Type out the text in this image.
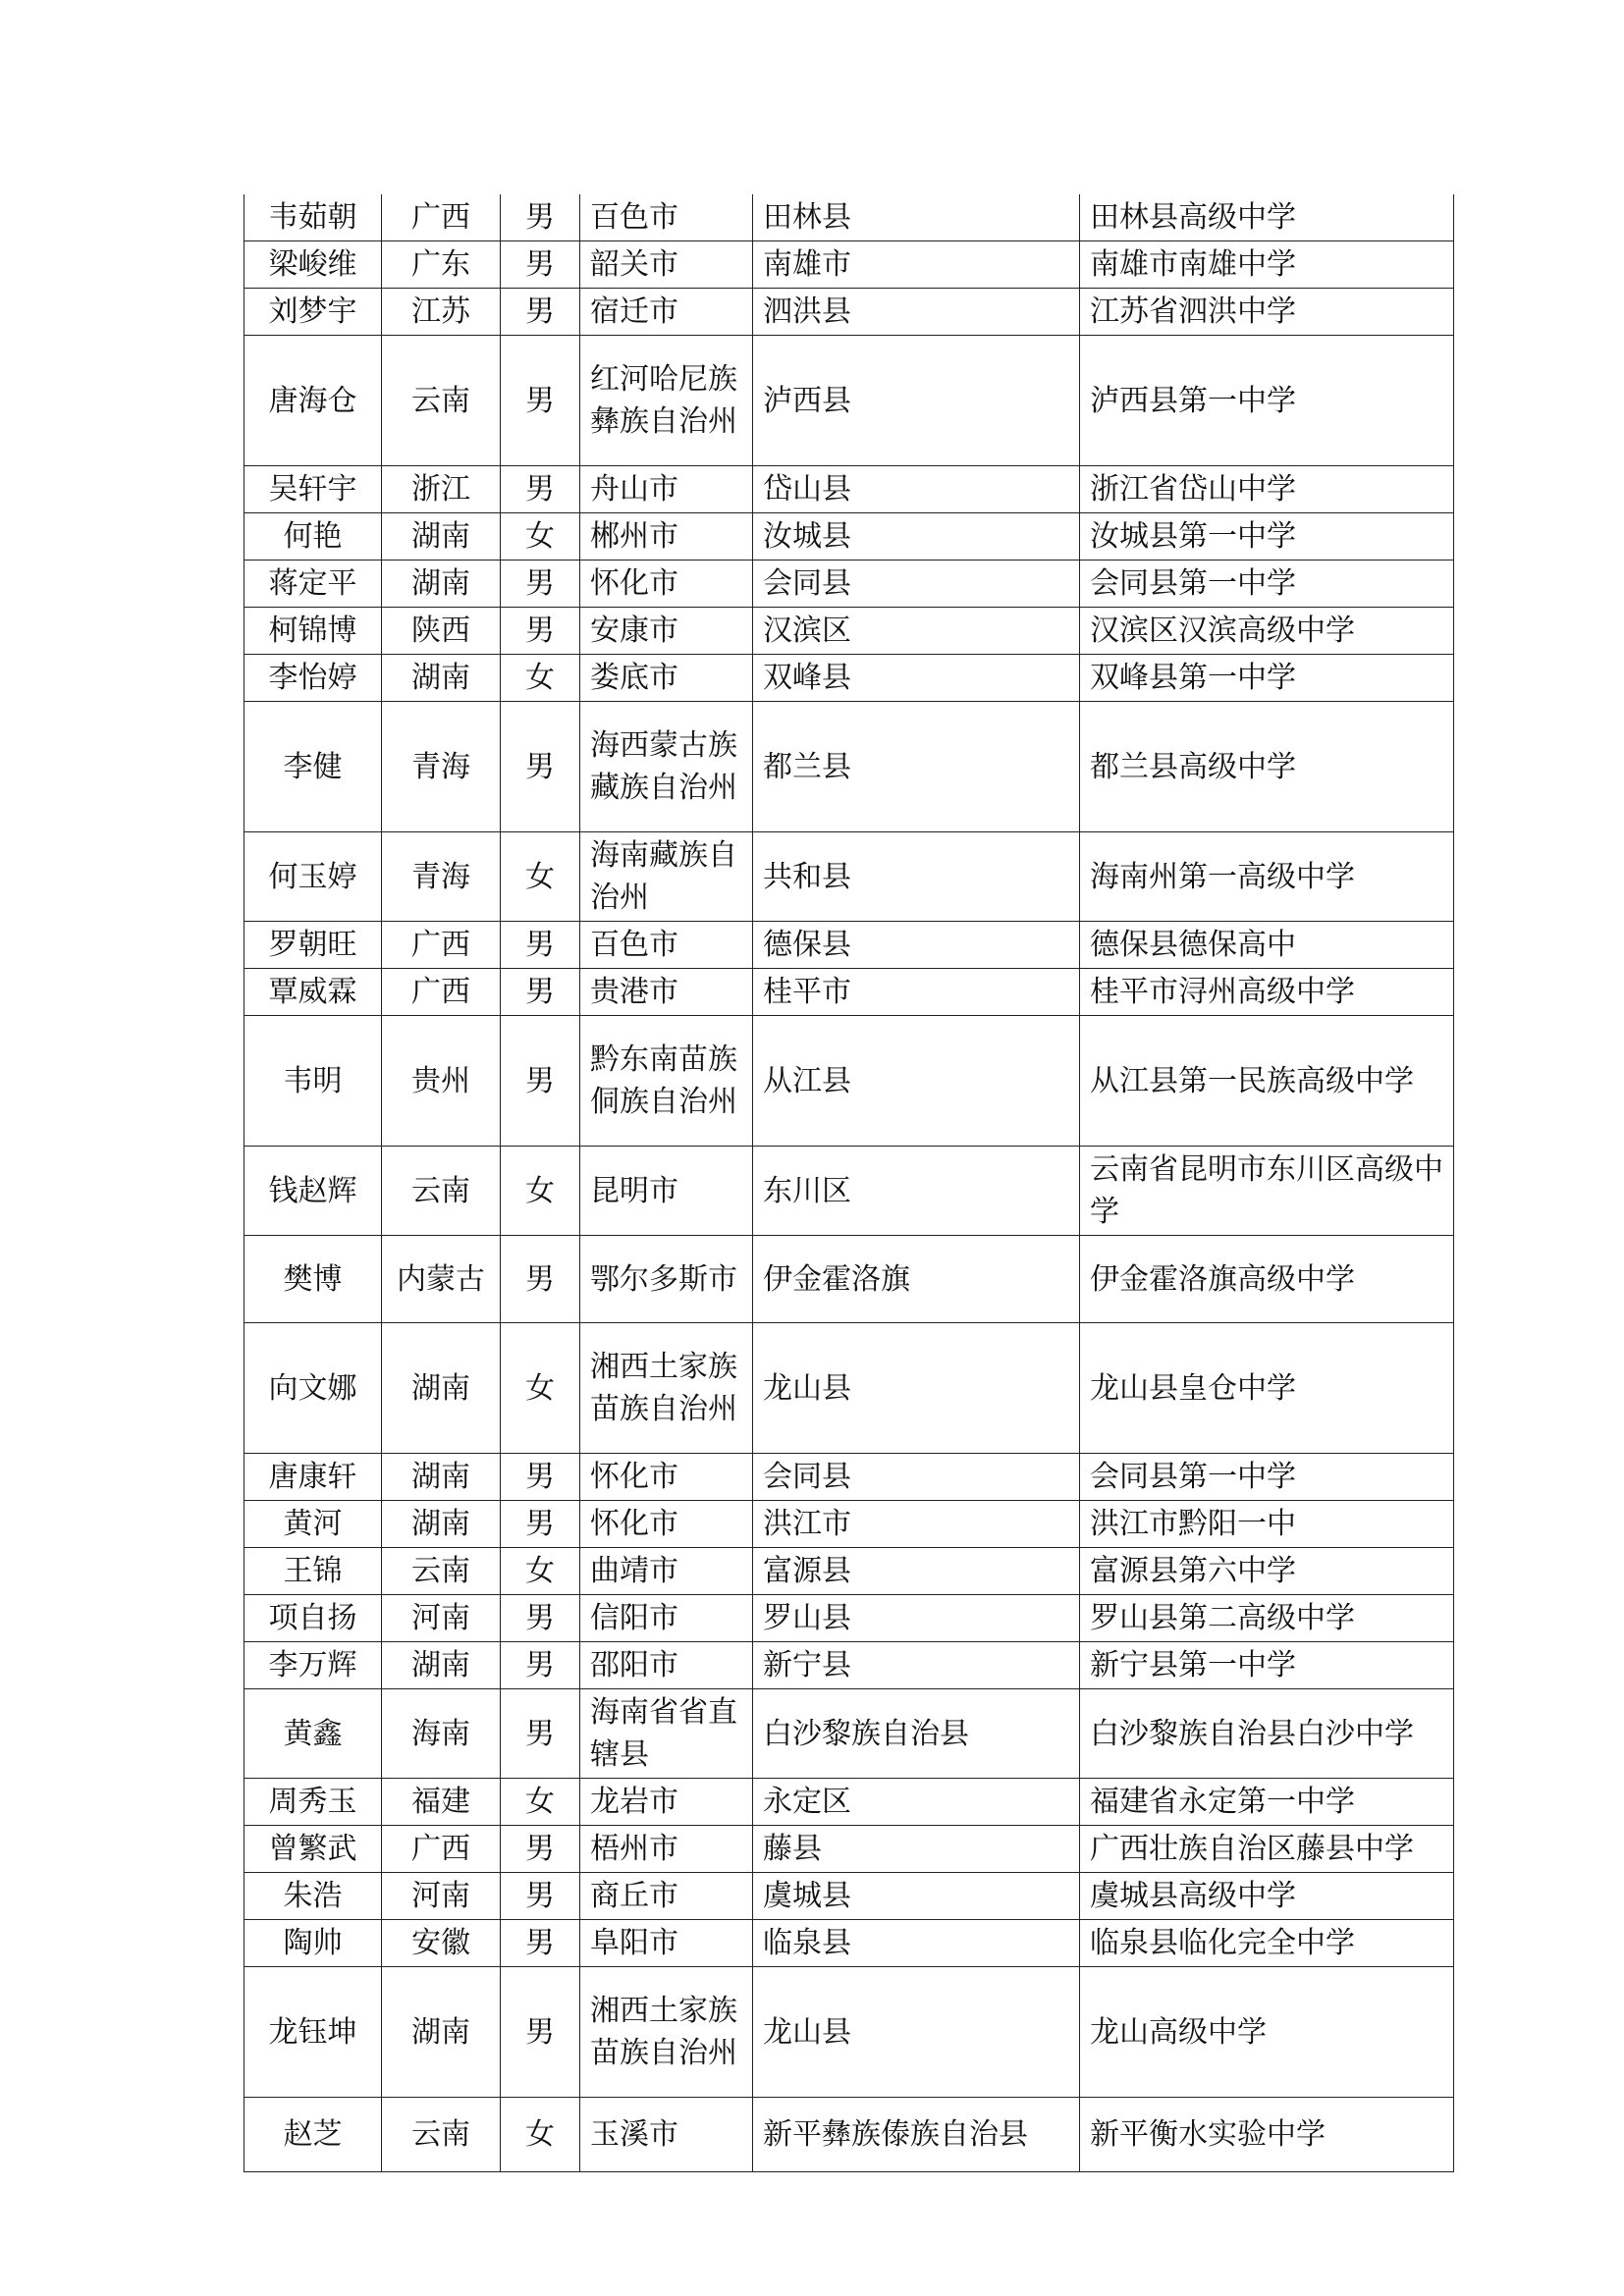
韦茹朝	广西	男	百色市	田林县	田林县高级中学
梁峻维	广东	男	韶关市	南雄市	南雄市南雄中学
刘梦宇	江苏	男	宿迁市	泗洪县	江苏省泗洪中学
唐海仓	云南	男	红河哈尼族彝族自治州	泸西县	泸西县第一中学
吴轩宇	浙江	男	舟山市	岱山县	浙江省岱山中学
何艳	湖南	女	郴州市	汝城县	汝城县第一中学
蒋定平	湖南	男	怀化市	会同县	会同县第一中学
柯锦博	陕西	男	安康市	汉滨区	汉滨区汉滨高级中学
李怡婷	湖南	女	娄底市	双峰县	双峰县第一中学
李健	青海	男	海西蒙古族藏族自治州	都兰县	都兰县高级中学
何玉婷	青海	女	海南藏族自治州	共和县	海南州第一高级中学
罗朝旺	广西	男	百色市	德保县	德保县德保高中
覃威霖	广西	男	贵港市	桂平市	桂平市浔州高级中学
韦明	贵州	男	黔东南苗族侗族自治州	从江县	从江县第一民族高级中学
钱赵辉	云南	女	昆明市	东川区	云南省昆明市东川区高级中学
樊博	内蒙古	男	鄂尔多斯市	伊金霍洛旗	伊金霍洛旗高级中学
向文娜	湖南	女	湘西土家族苗族自治州	龙山县	龙山县皇仓中学
唐康轩	湖南	男	怀化市	会同县	会同县第一中学
黄河	湖南	男	怀化市	洪江市	洪江市黔阳一中
王锦	云南	女	曲靖市	富源县	富源县第六中学
项自扬	河南	男	信阳市	罗山县	罗山县第二高级中学
李万辉	湖南	男	邵阳市	新宁县	新宁县第一中学
黄鑫	海南	男	海南省省直辖县	白沙黎族自治县	白沙黎族自治县白沙中学
周秀玉	福建	女	龙岩市	永定区	福建省永定第一中学
曾繁武	广西	男	梧州市	藤县	广西壮族自治区藤县中学
朱浩	河南	男	商丘市	虞城县	虞城县高级中学
陶帅	安徽	男	阜阳市	临泉县	临泉县临化完全中学
龙钰坤	湖南	男	湘西土家族苗族自治州	龙山县	龙山高级中学
赵芝	云南	女	玉溪市	新平彝族傣族自治县	新平衡水实验中学
